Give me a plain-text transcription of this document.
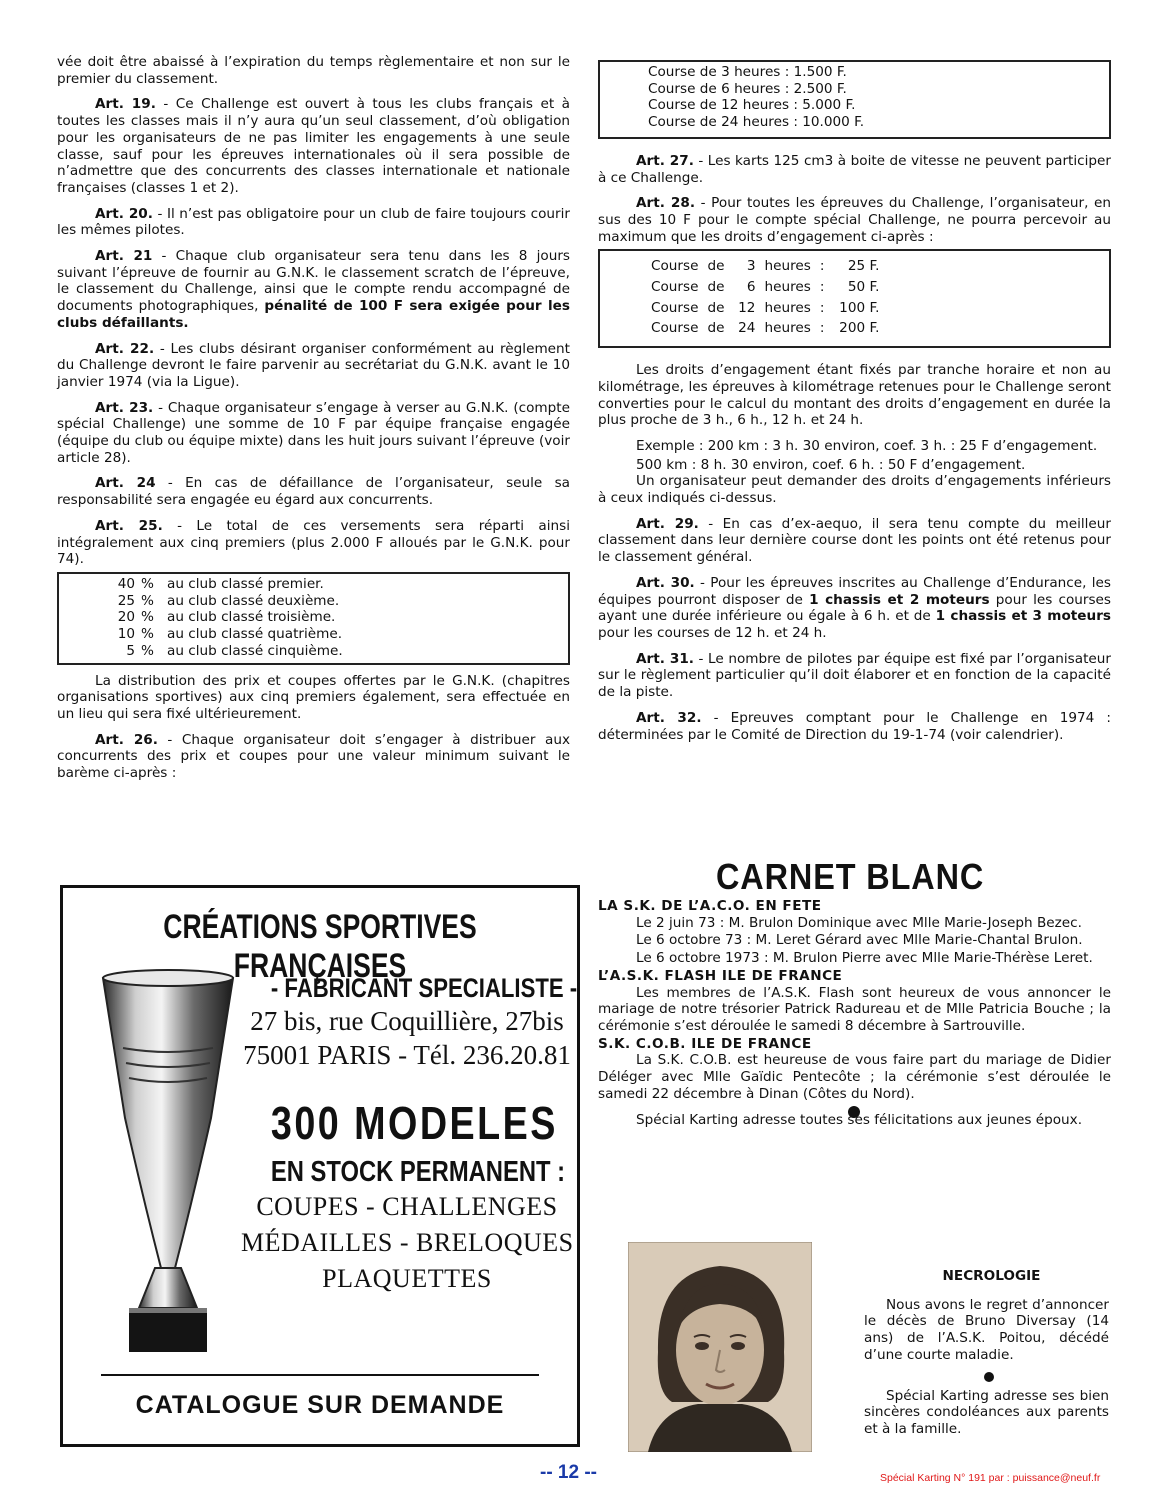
vée doit être abaissé à l’expiration du temps règlementaire et non sur le premier du classement.

Art. 19. - Ce Challenge est ouvert à tous les clubs français et à toutes les classes mais il n’y aura qu’un seul classement, d’où obligation pour les organisateurs de ne pas limiter les engagements à une seule classe, sauf pour les épreuves internationales où il sera possible de n’admettre que des concurrents des classes internationale et nationale françaises (classes 1 et 2).

Art. 20. - Il n’est pas obligatoire pour un club de faire toujours courir les mêmes pilotes.

Art. 21 - Chaque club organisateur sera tenu dans les 8 jours suivant l’épreuve de fournir au G.N.K. le classement scratch de l’épreuve, le classement du Challenge, ainsi que le compte rendu accompagné de documents photographiques, pénalité de 100 F sera exigée pour les clubs défaillants.

Art. 22. - Les clubs désirant organiser conformément au règlement du Challenge devront le faire parvenir au secrétariat du G.N.K. avant le 10 janvier 1974 (via la Ligue).

Art. 23. - Chaque organisateur s’engage à verser au G.N.K. (compte spécial Challenge) une somme de 10 F par équipe française engagée (équipe du club ou équipe mixte) dans les huit jours suivant l’épreuve (voir article 28).

Art. 24 - En cas de défaillance de l’organisateur, seule sa responsabilité sera engagée eu égard aux concurrents.

Art. 25. - Le total de ces versements sera réparti ainsi intégralement aux cinq premiers (plus 2.000 F alloués par le G.N.K. pour 74).

40	%	au club classé premier.
25	%	au club classé deuxième.
20	%	au club classé troisième.
10	%	au club classé quatrième.
5	%	au club classé cinquième.

La distribution des prix et coupes offertes par le G.N.K. (chapitres organisations sportives) aux cinq premiers également, sera effectuée en un lieu qui sera fixé ultérieurement.

Art. 26. - Chaque organisateur doit s’engager à distribuer aux concurrents des prix et coupes pour une valeur minimum suivant le barème ci-après :

Course de 3 heures : 1.500 F.
Course de 6 heures : 2.500 F.
Course de 12 heures : 5.000 F.
Course de 24 heures : 10.000 F.

Art. 27. - Les karts 125 cm3 à boite de vitesse ne peuvent participer à ce Challenge.

Art. 28. - Pour toutes les épreuves du Challenge, l’organisateur, en sus des 10 F pour le compte spécial Challenge, ne pourra percevoir au maximum que les droits d’engagement ci-après :

Course	de	3	heures	:	25 F.
Course	de	6	heures	:	50 F.
Course	de	12	heures	:	100 F.
Course	de	24	heures	:	200 F.

Les droits d’engagement étant fixés par tranche horaire et non au kilométrage, les épreuves à kilométrage retenues pour le Challenge seront converties pour le calcul du montant des droits d’engagement en durée la plus proche de 3 h., 6 h., 12 h. et 24 h.

Exemple : 200 km : 3 h. 30 environ, coef. 3 h. : 25 F d’engagement.

500 km : 8 h. 30 environ, coef. 6 h. : 50 F d’engagement.

Un organisateur peut demander des droits d’engagements inférieurs à ceux indiqués ci-dessus.

Art. 29. - En cas d’ex-aequo, il sera tenu compte du meilleur classement dans leur dernière course dont les points ont été retenus pour le classement général.

Art. 30. - Pour les épreuves inscrites au Challenge d’Endurance, les équipes pourront disposer de 1 chassis et 2 moteurs pour les courses ayant une durée inférieure ou égale à 6 h. et de 1 chassis et 3 moteurs pour les courses de 12 h. et 24 h.

Art. 31. - Le nombre de pilotes par équipe est fixé par l’organisateur sur le règlement particulier qu’il doit élaborer et en fonction de la capacité de la piste.

Art. 32. - Epreuves comptant pour le Challenge en 1974 : déterminées par le Comité de Direction du 19-1-74 (voir calendrier).

CRÉATIONS SPORTIVES FRANÇAISES
- FABRICANT SPECIALISTE -
27 bis, rue Coquillière, 27bis
75001 PARIS - Tél. 236.20.81
300 MODELES
EN STOCK PERMANENT :
COUPES - CHALLENGES
MÉDAILLES - BRELOQUES
PLAQUETTES
CATALOGUE SUR DEMANDE
CARNET BLANC
LA S.K. DE L’A.C.O. EN FETE

Le 2 juin 73 : M. Brulon Dominique avec Mlle Marie-Joseph Bezec.

Le 6 octobre 73 : M. Leret Gérard avec Mlle Marie-Chantal Brulon.

Le 6 octobre 1973 : M. Brulon Pierre avec Mlle Marie-Thérèse Leret.

L’A.S.K. FLASH ILE DE FRANCE

Les membres de l’A.S.K. Flash sont heureux de vous annoncer le mariage de notre trésorier Patrick Radureau et de Mlle Patricia Bouche ; la cérémonie s’est déroulée le samedi 8 décembre à Sartrouville.

S.K. C.O.B. ILE DE FRANCE

La S.K. C.O.B. est heureuse de vous faire part du mariage de Didier Déléger avec Mlle Gaïdic Pentecôte ; la cérémonie s’est déroulée le samedi 22 décembre à Dinan (Côtes du Nord).

Spécial Karting adresse toutes ses félicitations aux jeunes époux.

NECROLOGIE

Nous avons le regret d’annoncer le décès de Bruno Diversay (14 ans) de l’A.S.K. Poitou, décédé d’une courte maladie.

Spécial Karting adresse ses bien sincères condoléances aux parents et à la famille.

-- 12 --	Spécial Karting N° 191 par : puissance@neuf.fr
